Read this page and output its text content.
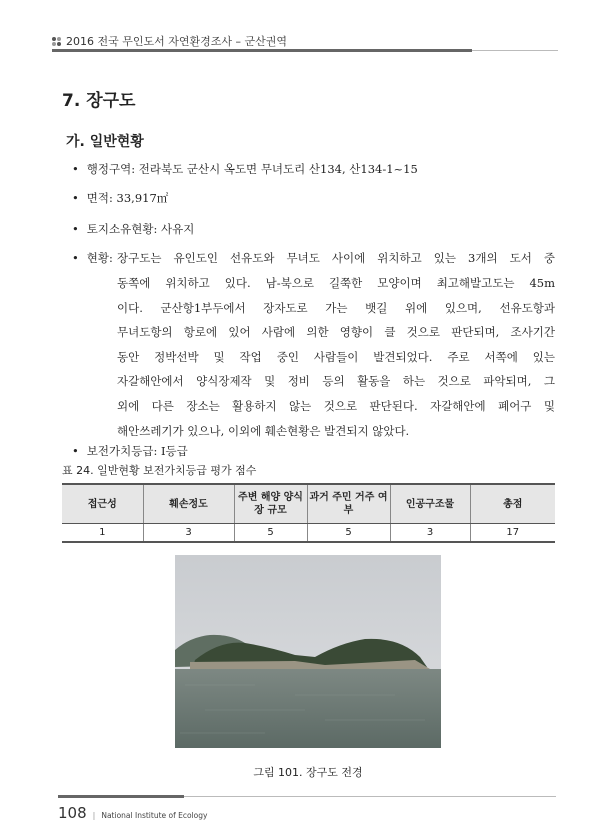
2016 전국 무인도서 자연환경조사 – 군산권역
7. 장구도
가. 일반현황
• 행정구역: 전라북도 군산시 옥도면 무녀도리 산134, 산134-1~15
• 면적: 33,917㎡
• 토지소유현황: 사유지
• 현황: 장구도는 유인도인 선유도와 무녀도 사이에 위치하고 있는 3개의 도서 중
동쪽에 위치하고 있다. 남-북으로 길쭉한 모양이며 최고해발고도는 45m
이다. 군산항1부두에서 장자도로 가는 뱃길 위에 있으며, 선유도항과
무녀도항의 항로에 있어 사람에 의한 영향이 클 것으로 판단되며, 조사기간
동안 정박선박 및 작업 중인 사람들이 발견되었다. 주로 서쪽에 있는
자갈해안에서 양식장제작 및 정비 등의 활동을 하는 것으로 파악되며, 그
외에 다른 장소는 활용하지 않는 것으로 판단된다. 자갈해안에 폐어구 및
해안쓰레기가 있으나, 이외에 훼손현황은 발견되지 않았다.
• 보전가치등급: Ⅰ등급
표 24. 일반현황 보전가치등급 평가 점수
접근성	훼손정도	주변 해양 양식장 규모	과거 주민 거주 여부	인공구조물	총점
1	3	5	5	3	17
그림 101. 장구도 전경
108 | National Institute of Ecology
